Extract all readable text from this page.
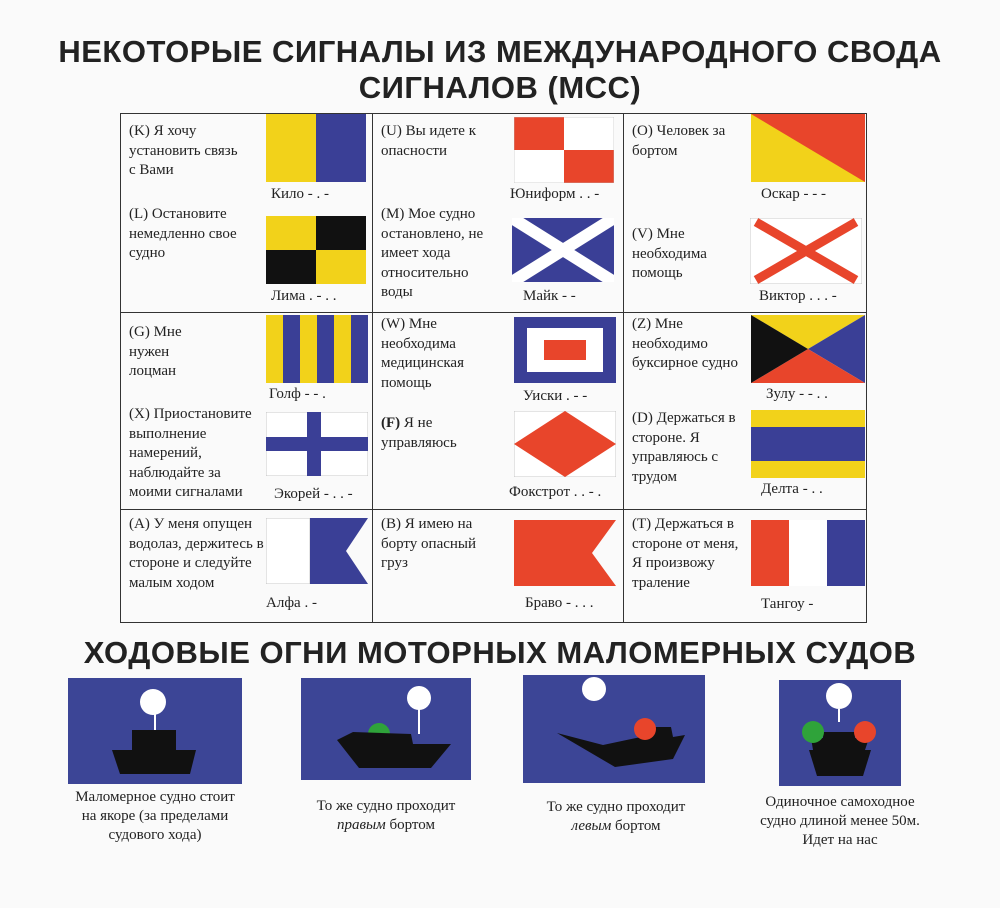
НЕКОТОРЫЕ СИГНАЛЫ ИЗ МЕЖДУНАРОДНОГО СВОДА
СИГНАЛОВ (МСС)
(K) Я хочу установить связь с Вами
Кило - . -
(L) Остановите немедленно свое судно
Лима . - . .
(U) Вы идете к опасности
Юниформ . . -
(M) Мое судно остановлено, не имеет хода относительно воды	Майк - -
(O) Человек за бортом
Оскар - - -
(V) Мне необходима помощь
Виктор . . . -
(G) Мне нужен лоцман
Голф - - .
(X) Приостановите выполнение намерений, наблюдайте за моими сигналами	Экорей - . . -
(W) Мне необходима медицинская помощь
Уиски . - -
(F) Я не управляюсь
Фокстрот . . - .
(Z) Мне необходимо буксирное судно
Зулу - - . .
(D) Держаться в стороне. Я управляюсь с трудом
Делта - . .
(A) У меня опущен водолаз, держитесь в стороне и следуйте малым ходом
Алфа . -
(B) Я имею на борту опасный груз
Браво - . . .
(T) Держаться в стороне от меня, Я произвожу траление
Тангоу -
ХОДОВЫЕ ОГНИ МОТОРНЫХ МАЛОМЕРНЫХ СУДОВ
Маломерное судно стоит
на якоре (за пределами
судового хода)
То же судно проходит
правым бортом
То же судно проходит
левым бортом
Одиночное самоходное
судно длиной менее 50м.
Идет на нас
